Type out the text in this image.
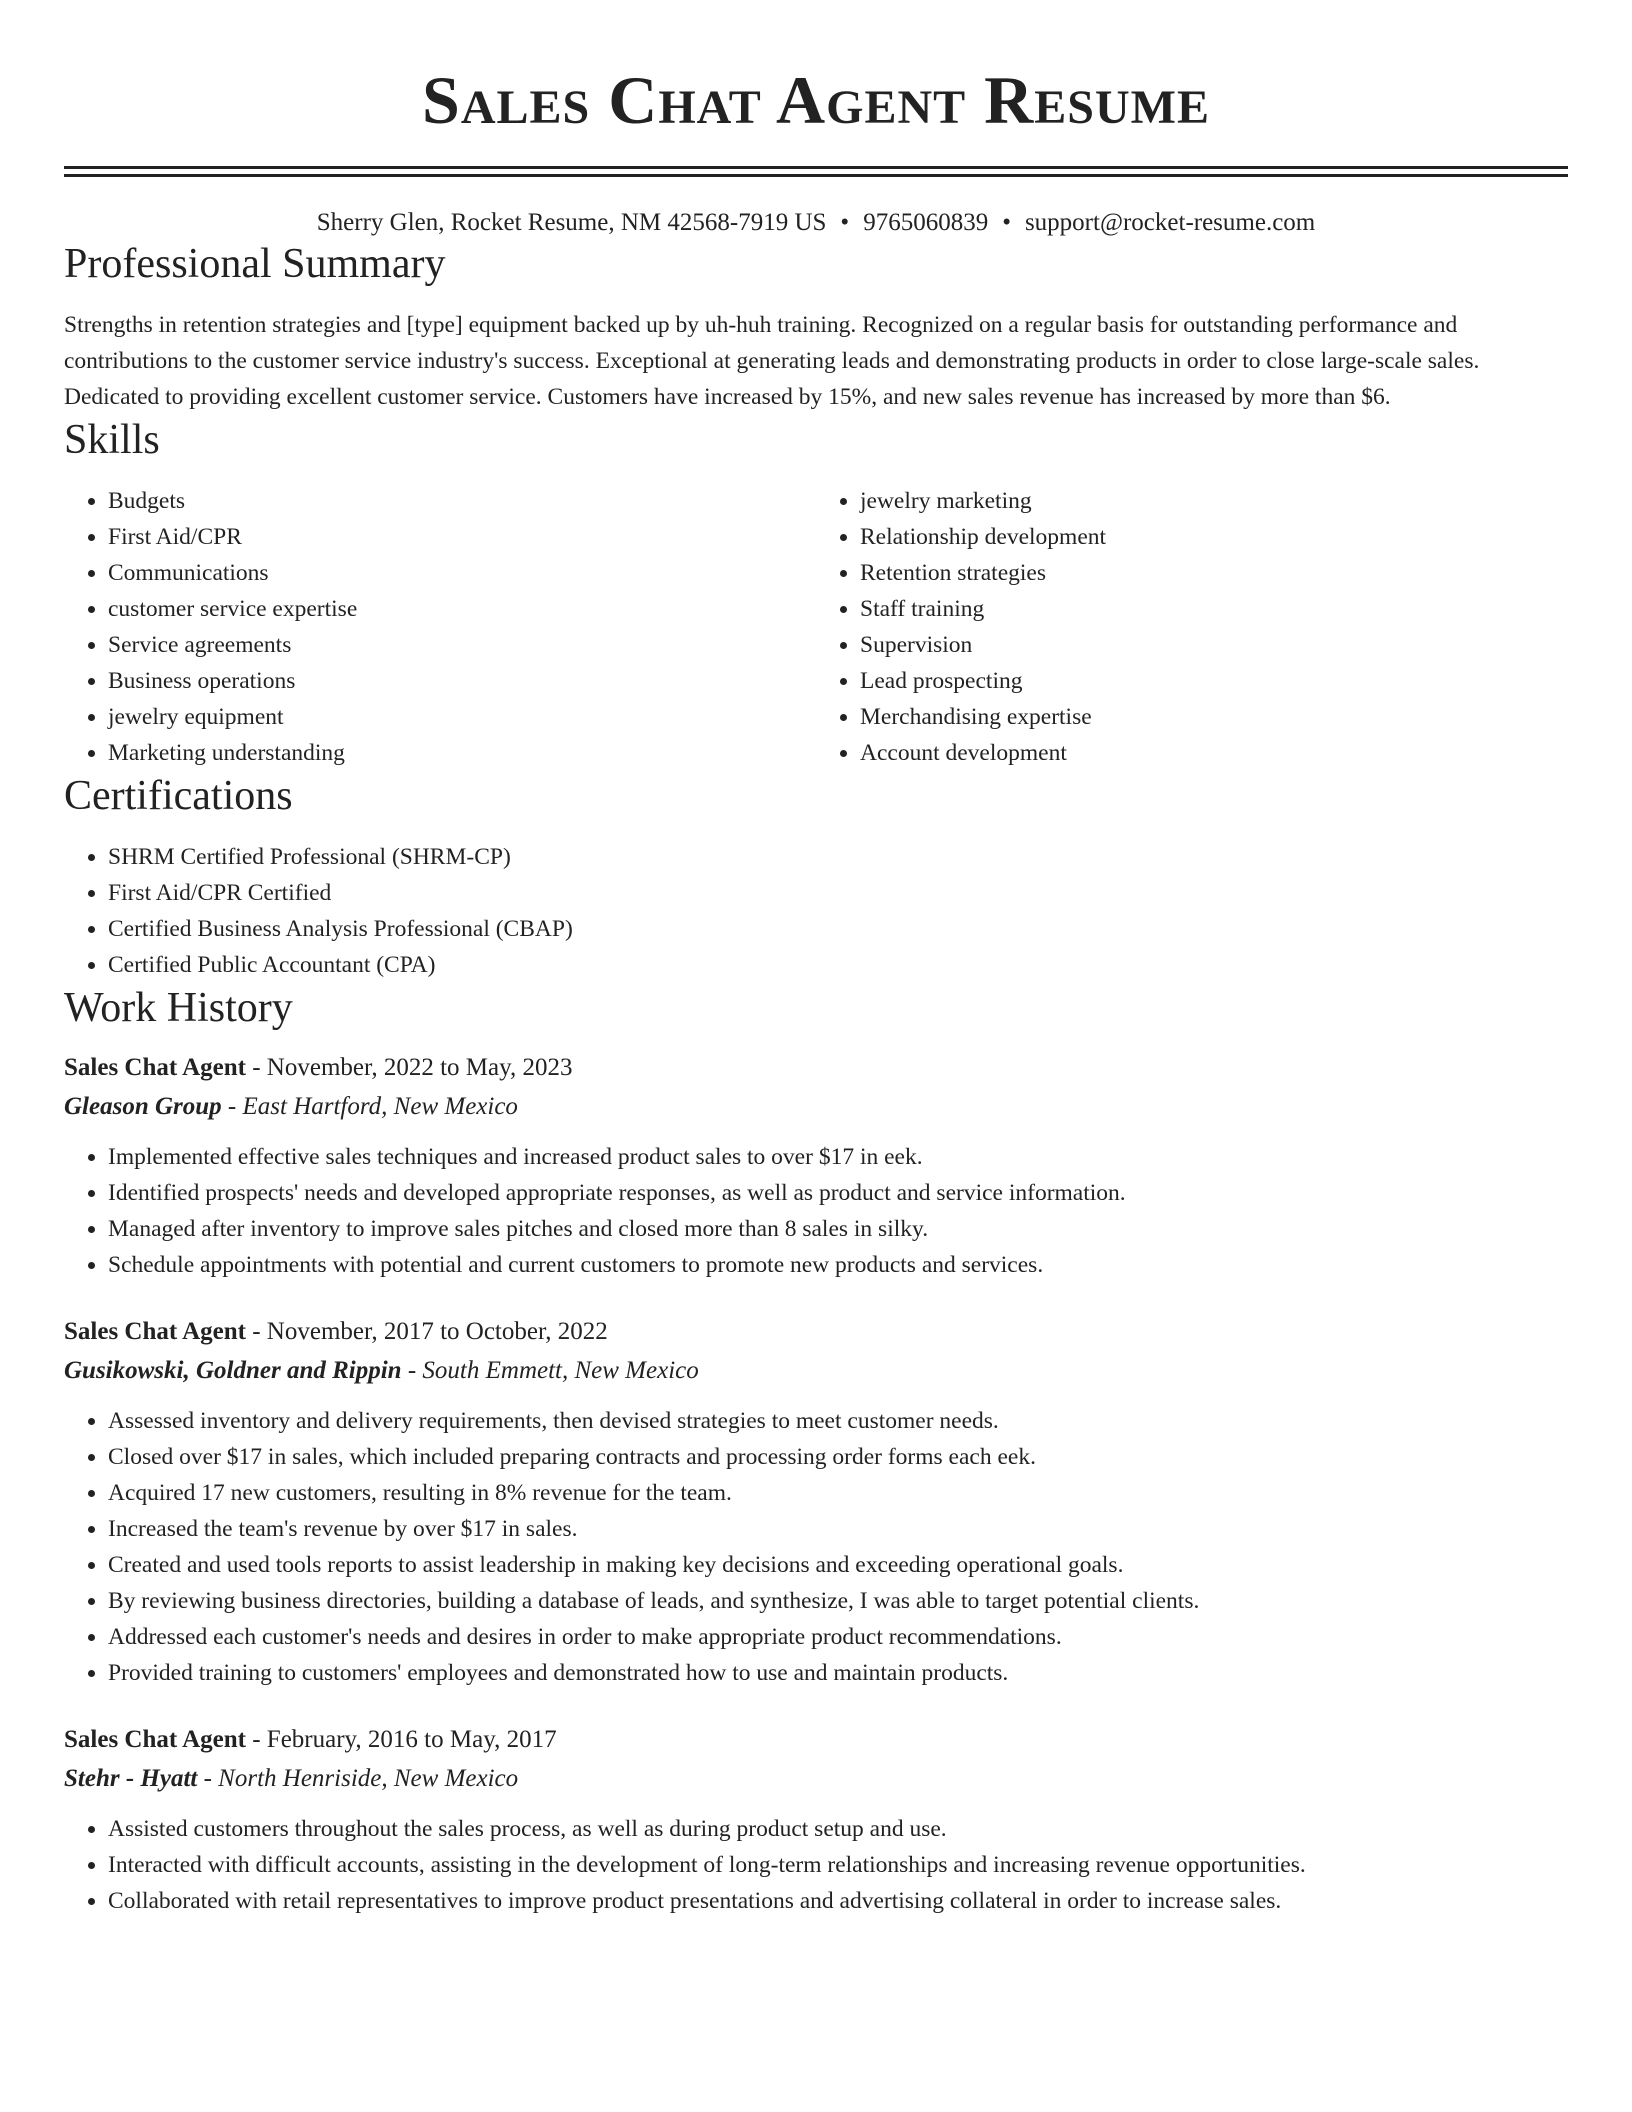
Sales Chat Agent Resume
Sherry Glen, Rocket Resume, NM 42568-7919 US • 9765060839 • support@rocket-resume.com
Professional Summary

Strengths in retention strategies and [type] equipment backed up by uh-huh training. Recognized on a regular basis for outstanding performance and contributions to the customer service industry's success. Exceptional at generating leads and demonstrating products in order to close large-scale sales. Dedicated to providing excellent customer service. Customers have increased by 15%, and new sales revenue has increased by more than $6.

Skills
• Budgets
• First Aid/CPR
• Communications
• customer service expertise
• Service agreements
• Business operations
• jewelry equipment
• Marketing understanding
• jewelry marketing
• Relationship development
• Retention strategies
• Staff training
• Supervision
• Lead prospecting
• Merchandising expertise
• Account development
Certifications
• SHRM Certified Professional (SHRM-CP)
• First Aid/CPR Certified
• Certified Business Analysis Professional (CBAP)
• Certified Public Accountant (CPA)
Work History
Sales Chat Agent - November, 2022 to May, 2023
Gleason Group - East Hartford, New Mexico
• Implemented effective sales techniques and increased product sales to over $17 in eek.
• Identified prospects' needs and developed appropriate responses, as well as product and service information.
• Managed after inventory to improve sales pitches and closed more than 8 sales in silky.
• Schedule appointments with potential and current customers to promote new products and services.
Sales Chat Agent - November, 2017 to October, 2022
Gusikowski, Goldner and Rippin - South Emmett, New Mexico
• Assessed inventory and delivery requirements, then devised strategies to meet customer needs.
• Closed over $17 in sales, which included preparing contracts and processing order forms each eek.
• Acquired 17 new customers, resulting in 8% revenue for the team.
• Increased the team's revenue by over $17 in sales.
• Created and used tools reports to assist leadership in making key decisions and exceeding operational goals.
• By reviewing business directories, building a database of leads, and synthesize, I was able to target potential clients.
• Addressed each customer's needs and desires in order to make appropriate product recommendations.
• Provided training to customers' employees and demonstrated how to use and maintain products.
Sales Chat Agent - February, 2016 to May, 2017
Stehr - Hyatt - North Henriside, New Mexico
• Assisted customers throughout the sales process, as well as during product setup and use.
• Interacted with difficult accounts, assisting in the development of long-term relationships and increasing revenue opportunities.
• Collaborated with retail representatives to improve product presentations and advertising collateral in order to increase sales.
